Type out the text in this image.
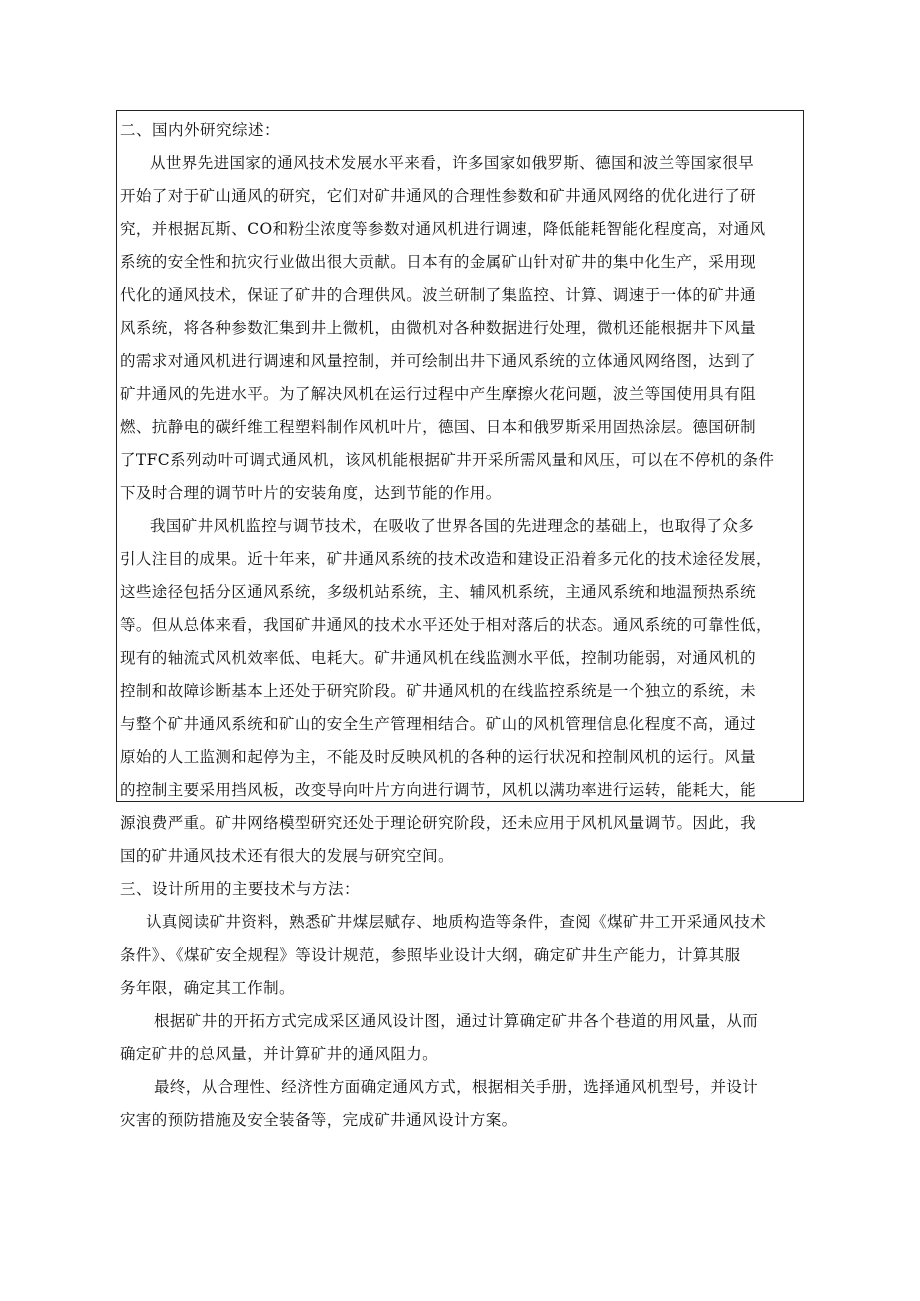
二、国内外研究综述：
从世界先进国家的通风技术发展水平来看，许多国家如俄罗斯、德国和波兰等国家很早
开始了对于矿山通风的研究，它们对矿井通风的合理性参数和矿井通风网络的优化进行了研
究，并根据瓦斯、CO和粉尘浓度等参数对通风机进行调速，降低能耗智能化程度高，对通风
系统的安全性和抗灾行业做出很大贡献。日本有的金属矿山针对矿井的集中化生产，采用现
代化的通风技术，保证了矿井的合理供风。波兰研制了集监控、计算、调速于一体的矿井通
风系统，将各种参数汇集到井上微机，由微机对各种数据进行处理，微机还能根据井下风量
的需求对通风机进行调速和风量控制，并可绘制出井下通风系统的立体通风网络图，达到了
矿井通风的先进水平。为了解决风机在运行过程中产生摩擦火花问题，波兰等国使用具有阻
燃、抗静电的碳纤维工程塑料制作风机叶片，德国、日本和俄罗斯采用固热涂层。德国研制
了TFC系列动叶可调式通风机，该风机能根据矿井开采所需风量和风压，可以在不停机的条件
下及时合理的调节叶片的安装角度，达到节能的作用。
我国矿井风机监控与调节技术，在吸收了世界各国的先进理念的基础上，也取得了众多
引人注目的成果。近十年来，矿井通风系统的技术改造和建设正沿着多元化的技术途径发展，
这些途径包括分区通风系统，多级机站系统，主、辅风机系统，主通风系统和地温预热系统
等。但从总体来看，我国矿井通风的技术水平还处于相对落后的状态。通风系统的可靠性低，
现有的轴流式风机效率低、电耗大。矿井通风机在线监测水平低，控制功能弱，对通风机的
控制和故障诊断基本上还处于研究阶段。矿井通风机的在线监控系统是一个独立的系统，未
与整个矿井通风系统和矿山的安全生产管理相结合。矿山的风机管理信息化程度不高，通过
原始的人工监测和起停为主，不能及时反映风机的各种的运行状况和控制风机的运行。风量
的控制主要采用挡风板，改变导向叶片方向进行调节，风机以满功率进行运转，能耗大，能
源浪费严重。矿井网络模型研究还处于理论研究阶段，还未应用于风机风量调节。因此，我
国的矿井通风技术还有很大的发展与研究空间。
三、设计所用的主要技术与方法：
认真阅读矿井资料，熟悉矿井煤层赋存、地质构造等条件，查阅《煤矿井工开采通风技术
条件》、《煤矿安全规程》等设计规范，参照毕业设计大纲，确定矿井生产能力，计算其服
务年限，确定其工作制。
根据矿井的开拓方式完成采区通风设计图，通过计算确定矿井各个巷道的用风量，从而
确定矿井的总风量，并计算矿井的通风阻力。
最终，从合理性、经济性方面确定通风方式，根据相关手册，选择通风机型号，并设计
灾害的预防措施及安全装备等，完成矿井通风设计方案。
